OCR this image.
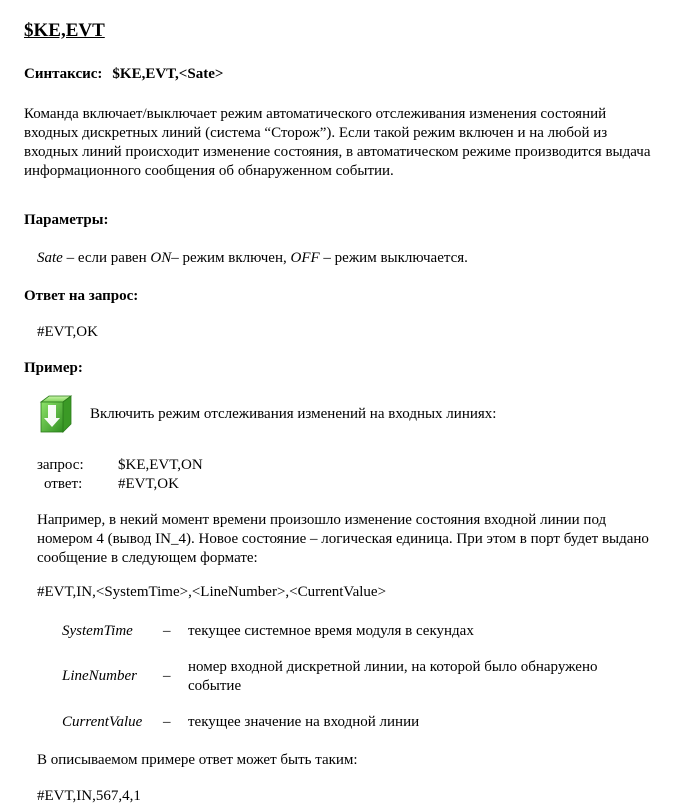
$KE,EVT
Синтаксис: $KE,EVT,<Sate>
Команда включает/выключает режим автоматического отслеживания изменения состояний входных дискретных линий (система “Сторож”). Если такой режим включен и на любой из входных линий происходит изменение состояния, в автоматическом режиме производится выдача информационного сообщения об обнаруженном событии.
Параметры:
Sate – если равен ON– режим включен, OFF – режим выключается.
Ответ на запрос:
#EVT,OK
Пример:
Включить режим отслеживания изменений на входных линиях:
запрос: $KE,EVT,ON
ответ: #EVT,OK
Например, в некий момент времени произошло изменение состояния входной линии под номером 4 (вывод IN_4). Новое состояние – логическая единица. При этом в порт будет выдано сообщение в следующем формате:
#EVT,IN,<SystemTime>,<LineNumber>,<CurrentValue>
SystemTime – текущее системное время модуля в секундах
LineNumber –
номер входной дискретной линии, на которой было обнаружено событие
CurrentValue – текущее значение на входной линии
В описываемом примере ответ может быть таким:
#EVT,IN,567,4,1
